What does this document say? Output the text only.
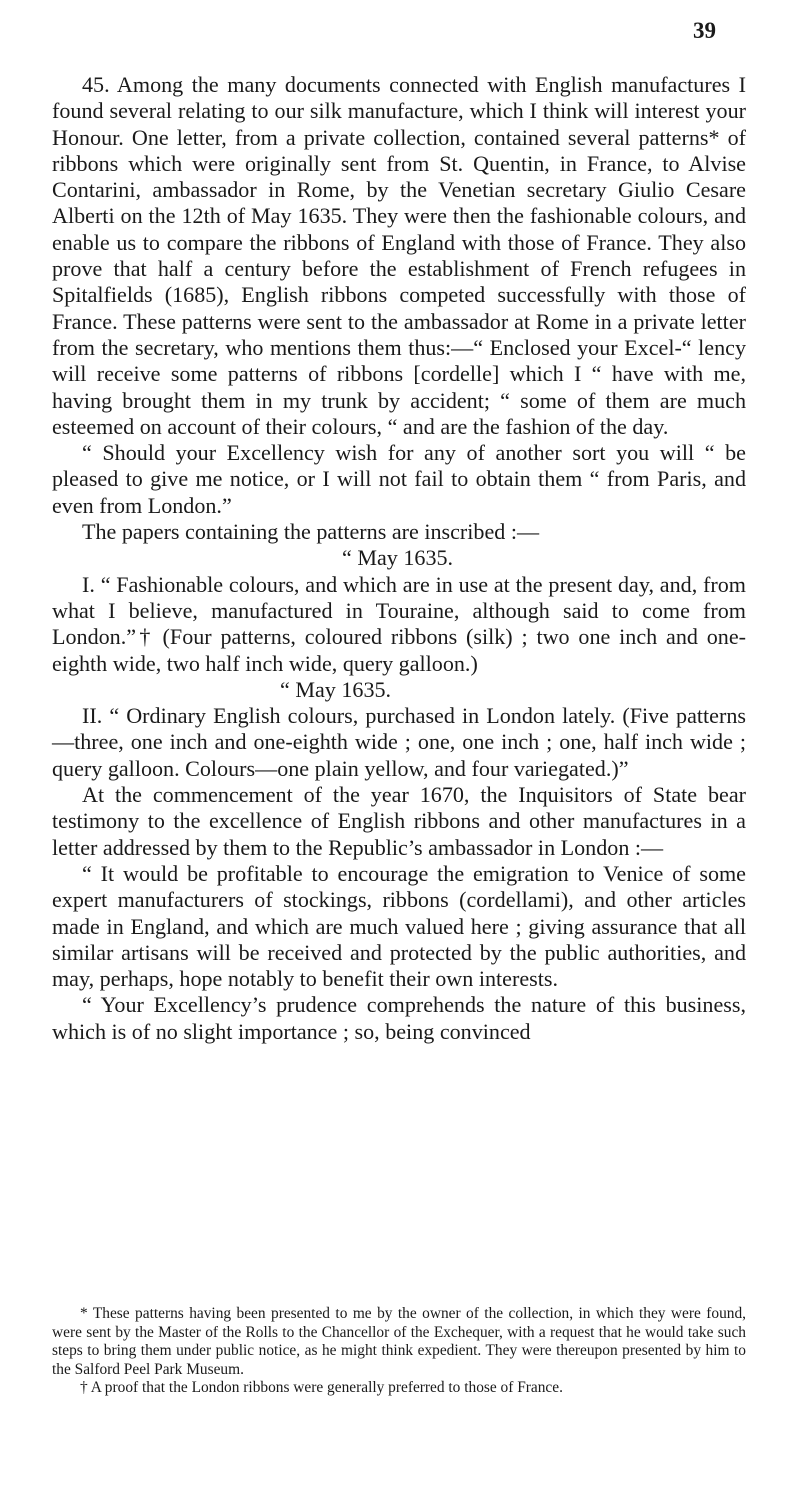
39

45. Among the many documents connected with English manufactures I found several relating to our silk manufacture, which I think will interest your Honour. One letter, from a private collection, contained several patterns* of ribbons which were originally sent from St. Quentin, in France, to Alvise Contarini, ambassador in Rome, by the Venetian secretary Giulio Cesare Alberti on the 12th of May 1635. They were then the fashionable colours, and enable us to compare the ribbons of England with those of France. They also prove that half a century before the establishment of French refugees in Spitalfields (1685), English ribbons competed successfully with those of France. These patterns were sent to the ambassador at Rome in a private letter from the secretary, who mentions them thus:—“ Enclosed your Excel-“ lency will receive some patterns of ribbons [cordelle] which I “ have with me, having brought them in my trunk by accident; “ some of them are much esteemed on account of their colours, “ and are the fashion of the day.

“ Should your Excellency wish for any of another sort you will “ be pleased to give me notice, or I will not fail to obtain them “ from Paris, and even from London.”

The papers containing the patterns are inscribed :—

“ May 1635.

I. “ Fashionable colours, and which are in use at the present day, and, from what I believe, manufactured in Touraine, although said to come from London.”† (Four patterns, coloured ribbons (silk) ; two one inch and one-eighth wide, two half inch wide, query galloon.)

“ May 1635.

II. “ Ordinary English colours, purchased in London lately. (Five patterns—three, one inch and one-eighth wide ; one, one inch ; one, half inch wide ; query galloon. Colours—one plain yellow, and four variegated.)”

At the commencement of the year 1670, the Inquisitors of State bear testimony to the excellence of English ribbons and other manufactures in a letter addressed by them to the Republic’s ambassador in London :—

“ It would be profitable to encourage the emigration to Venice of some expert manufacturers of stockings, ribbons (cordellami), and other articles made in England, and which are much valued here ; giving assurance that all similar artisans will be received and protected by the public authorities, and may, perhaps, hope notably to benefit their own interests.

“ Your Excellency’s prudence comprehends the nature of this business, which is of no slight importance ; so, being convinced

* These patterns having been presented to me by the owner of the collection, in which they were found, were sent by the Master of the Rolls to the Chancellor of the Exchequer, with a request that he would take such steps to bring them under public notice, as he might think expedient. They were thereupon presented by him to the Salford Peel Park Museum.

† A proof that the London ribbons were generally preferred to those of France.
